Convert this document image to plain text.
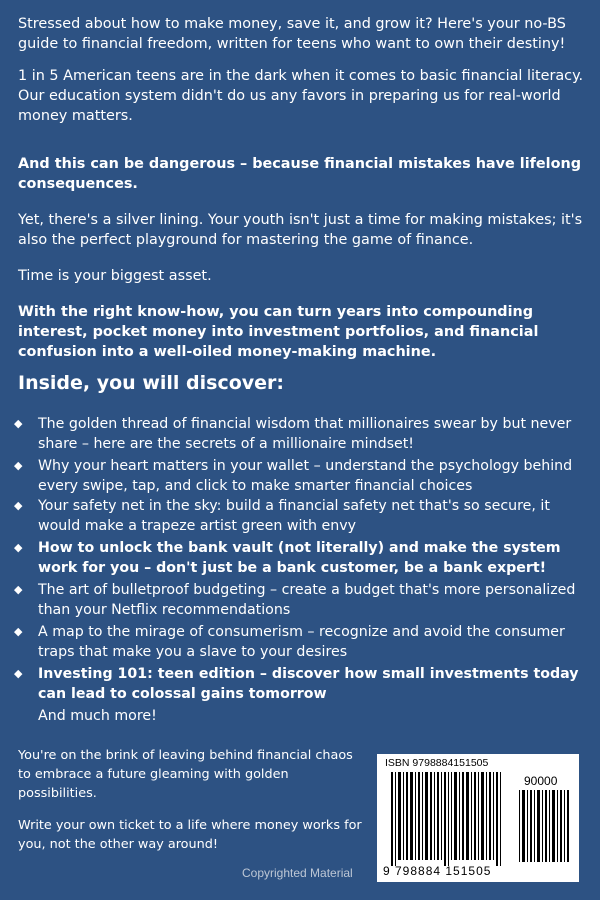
Stressed about how to make money, save it, and grow it? Here's your no-BS guide to financial freedom, written for teens who want to own their destiny!

1 in 5 American teens are in the dark when it comes to basic financial literacy.
Our education system didn't do us any favors in preparing us for real-world money matters.

And this can be dangerous – because financial mistakes have lifelong consequences.

Yet, there's a silver lining. Your youth isn't just a time for making mistakes; it's also the perfect playground for mastering the game of finance.

Time is your biggest asset.

With the right know-how, you can turn years into compounding interest, pocket money into investment portfolios, and financial confusion into a well-oiled money-making machine.

Inside, you will discover:
◆	The golden thread of financial wisdom that millionaires swear by but never share – here are the secrets of a millionaire mindset!
◆	Why your heart matters in your wallet – understand the psychology behind every swipe, tap, and click to make smarter financial choices
◆	Your safety net in the sky: build a financial safety net that's so secure, it would make a trapeze artist green with envy
◆	How to unlock the bank vault (not literally) and make the system work for you – don't just be a bank customer, be a bank expert!
◆	The art of bulletproof budgeting – create a budget that's more personalized than your Netflix recommendations
◆	A map to the mirage of consumerism – recognize and avoid the consumer traps that make you a slave to your desires
◆	Investing 101: teen edition – discover how small investments today can lead to colossal gains tomorrow
And much more!
You're on the brink of leaving behind financial chaos to embrace a future gleaming with golden possibilities.
Write your own ticket to a life where money works for you, not the other way around!
ISBN 9798884151505
90000
9 798884 151505
Copyrighted Material
